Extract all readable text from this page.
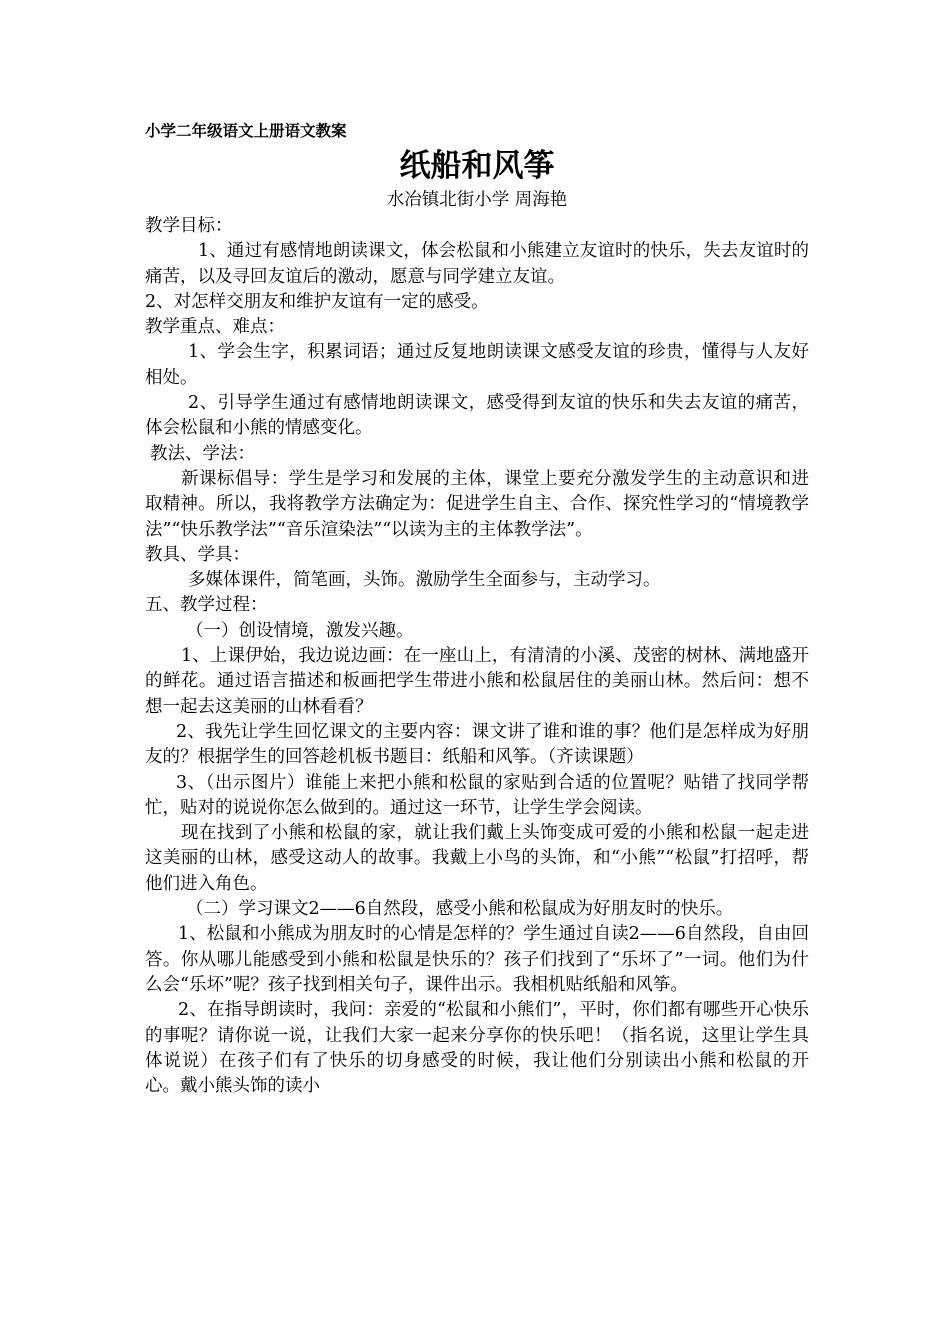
小学二年级语文上册语文教案

纸船和风筝

水冶镇北街小学 周海艳

教学目标：

1、通过有感情地朗读课文，体会松鼠和小熊建立友谊时的快乐，失去友谊时的痛苦，以及寻回友谊后的激动，愿意与同学建立友谊。

2、对怎样交朋友和维护友谊有一定的感受。

教学重点、难点：

1、学会生字，积累词语；通过反复地朗读课文感受友谊的珍贵，懂得与人友好相处。

2、引导学生通过有感情地朗读课文，感受得到友谊的快乐和失去友谊的痛苦，体会松鼠和小熊的情感变化。

教法、学法：

新课标倡导：学生是学习和发展的主体，课堂上要充分激发学生的主动意识和进取精神。所以，我将教学方法确定为：促进学生自主、合作、探究性学习的“情境教学法”“快乐教学法”“音乐渲染法”“以读为主的主体教学法”。

教具、学具：

多媒体课件，简笔画，头饰。激励学生全面参与，主动学习。

五、教学过程：

（一）创设情境，激发兴趣。

1、上课伊始，我边说边画：在一座山上，有清清的小溪、茂密的树林、满地盛开的鲜花。通过语言描述和板画把学生带进小熊和松鼠居住的美丽山林。然后问：想不想一起去这美丽的山林看看？

2、我先让学生回忆课文的主要内容：课文讲了谁和谁的事？他们是怎样成为好朋友的？根据学生的回答趁机板书题目：纸船和风筝。（齐读课题）

3、（出示图片）谁能上来把小熊和松鼠的家贴到合适的位置呢？贴错了找同学帮忙，贴对的说说你怎么做到的。通过这一环节，让学生学会阅读。

现在找到了小熊和松鼠的家，就让我们戴上头饰变成可爱的小熊和松鼠一起走进这美丽的山林，感受这动人的故事。我戴上小鸟的头饰，和“小熊”“松鼠”打招呼，帮他们进入角色。

（二）学习课文2——6自然段，感受小熊和松鼠成为好朋友时的快乐。

1、松鼠和小熊成为朋友时的心情是怎样的？学生通过自读2——6自然段，自由回答。你从哪儿能感受到小熊和松鼠是快乐的？孩子们找到了“乐坏了”一词。他们为什么会“乐坏”呢？孩子找到相关句子，课件出示。我相机贴纸船和风筝。

2、在指导朗读时，我问：亲爱的“松鼠和小熊们”，平时，你们都有哪些开心快乐的事呢？请你说一说，让我们大家一起来分享你的快乐吧！（指名说，这里让学生具体说说）在孩子们有了快乐的切身感受的时候，我让他们分别读出小熊和松鼠的开心。戴小熊头饰的读小
